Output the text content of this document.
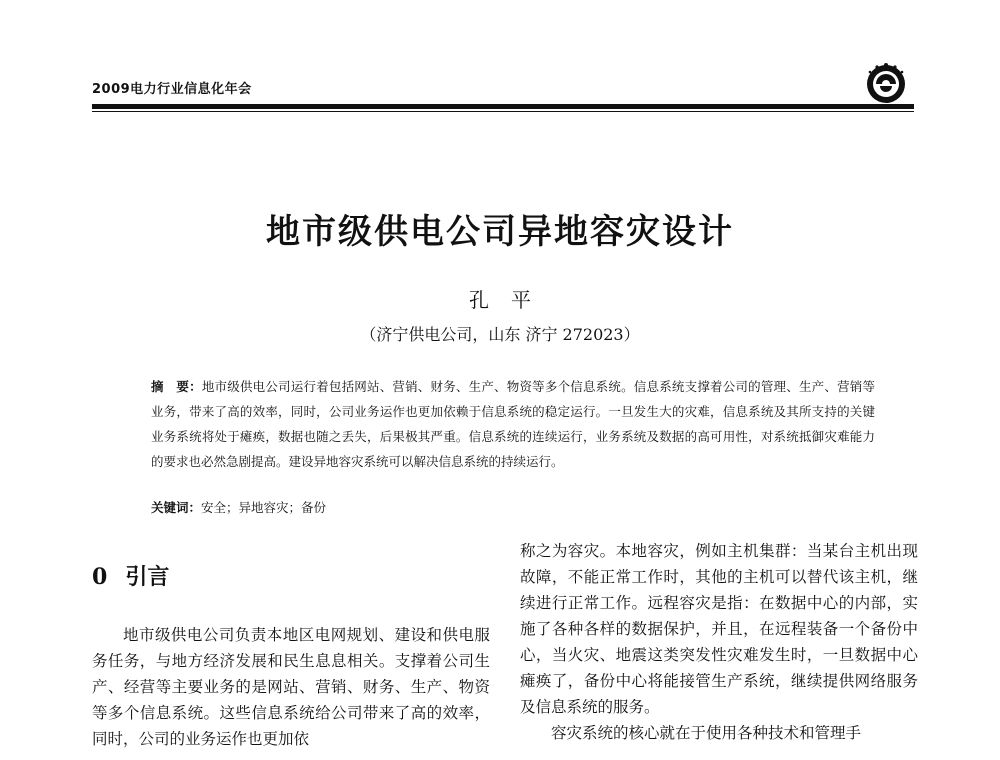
2009电力行业信息化年会
地市级供电公司异地容灾设计
孔平
（济宁供电公司，山东 济宁 272023）
摘　要：地市级供电公司运行着包括网站、营销、财务、生产、物资等多个信息系统。信息系统支撑着公司的管理、生产、营销等业务，带来了高的效率，同时，公司业务运作也更加依赖于信息系统的稳定运行。一旦发生大的灾难，信息系统及其所支持的关键业务系统将处于瘫痪，数据也随之丢失，后果极其严重。信息系统的连续运行，业务系统及数据的高可用性，对系统抵御灾难能力的要求也必然急剧提高。建设异地容灾系统可以解决信息系统的持续运行。
关键词：安全；异地容灾；备份
0 引言

地市级供电公司负责本地区电网规划、建设和供电服务任务，与地方经济发展和民生息息相关。支撑着公司生产、经营等主要业务的是网站、营销、财务、生产、物资等多个信息系统。这些信息系统给公司带来了高的效率，同时，公司的业务运作也更加依

称之为容灾。本地容灾，例如主机集群：当某台主机出现故障，不能正常工作时，其他的主机可以替代该主机，继续进行正常工作。远程容灾是指：在数据中心的内部，实施了各种各样的数据保护，并且，在远程装备一个备份中心，当火灾、地震这类突发性灾难发生时，一旦数据中心瘫痪了，备份中心将能接管生产系统，继续提供网络服务及信息系统的服务。

容灾系统的核心就在于使用各种技术和管理手
